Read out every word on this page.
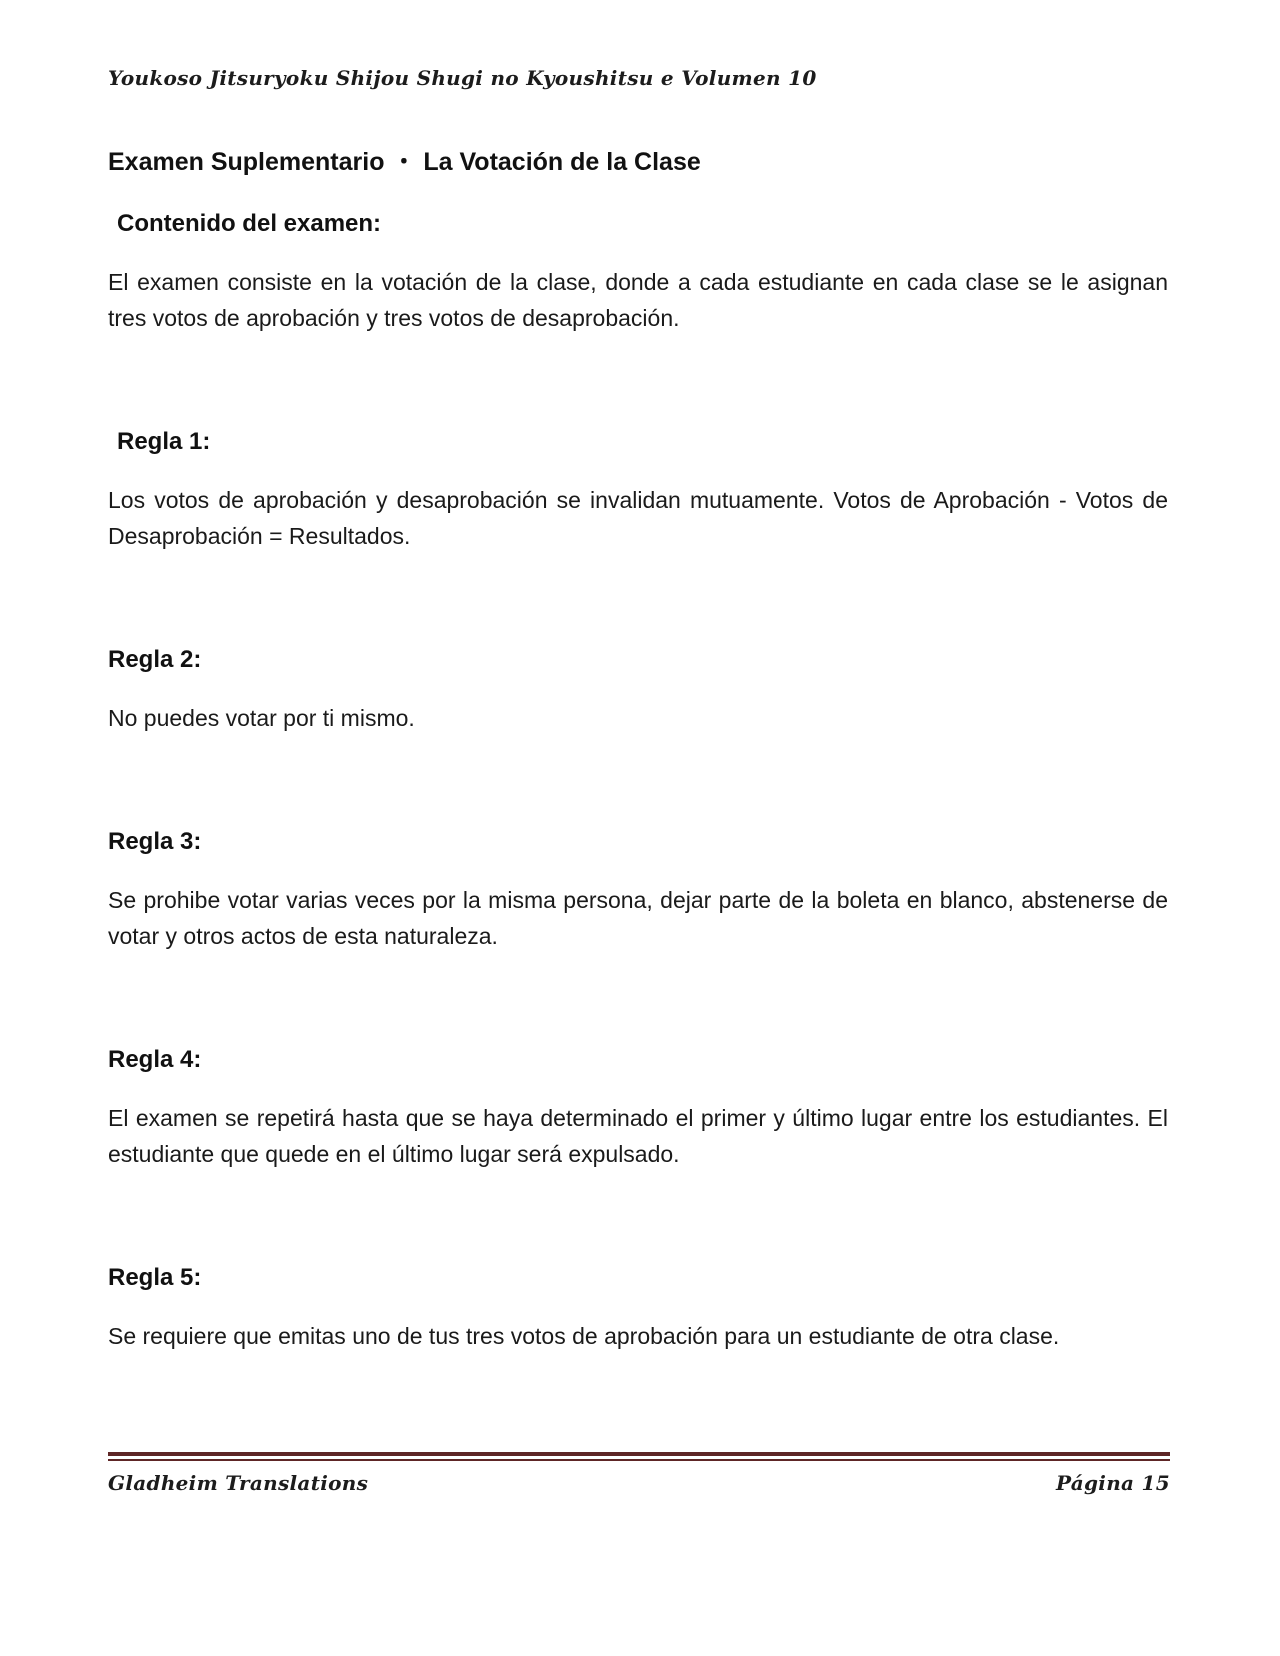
Youkoso Jitsuryoku Shijou Shugi no Kyoushitsu e Volumen 10
Examen Suplementario ・ La Votación de la Clase
Contenido del examen:

El examen consiste en la votación de la clase, donde a cada estudiante en cada clase se le asignan tres votos de aprobación y tres votos de desaprobación.

Regla 1:

Los votos de aprobación y desaprobación se invalidan mutuamente. Votos de Aprobación - Votos de Desaprobación = Resultados.

Regla 2:

No puedes votar por ti mismo.

Regla 3:

Se prohibe votar varias veces por la misma persona, dejar parte de la boleta en blanco, abstenerse de votar y otros actos de esta naturaleza.

Regla 4:

El examen se repetirá hasta que se haya determinado el primer y último lugar entre los estudiantes. El estudiante que quede en el último lugar será expulsado.

Regla 5:

Se requiere que emitas uno de tus tres votos de aprobación para un estudiante de otra clase.

Gladheim Translations	Página 15
